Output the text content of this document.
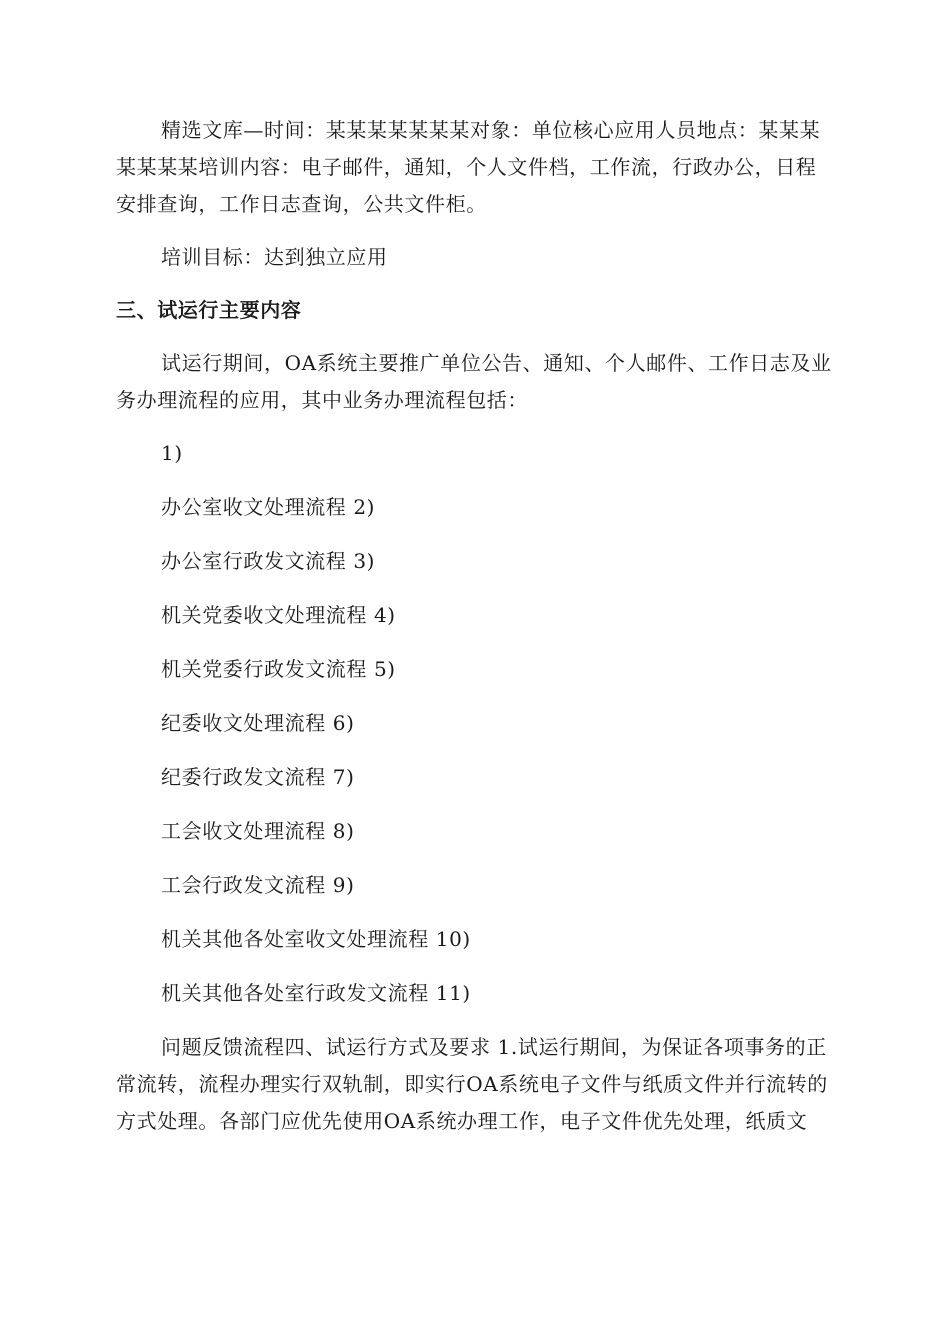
精选文库—时间：某某某某某某某对象：单位核心应用人员地点：某某某某某某某培训内容：电子邮件，通知，个人文件档，工作流，行政办公，日程安排查询，工作日志查询，公共文件柜。

培训目标：达到独立应用

三、试运行主要内容

试运行期间，OA系统主要推广单位公告、通知、个人邮件、工作日志及业务办理流程的应用，其中业务办理流程包括：

1)

办公室收文处理流程 2)

办公室行政发文流程 3)

机关党委收文处理流程 4)

机关党委行政发文流程 5)

纪委收文处理流程 6)

纪委行政发文流程 7)

工会收文处理流程 8)

工会行政发文流程 9)

机关其他各处室收文处理流程 10)

机关其他各处室行政发文流程 11)

问题反馈流程四、试运行方式及要求 1.试运行期间，为保证各项事务的正常流转，流程办理实行双轨制，即实行OA系统电子文件与纸质文件并行流转的方式处理。各部门应优先使用OA系统办理工作，电子文件优先处理，纸质文
